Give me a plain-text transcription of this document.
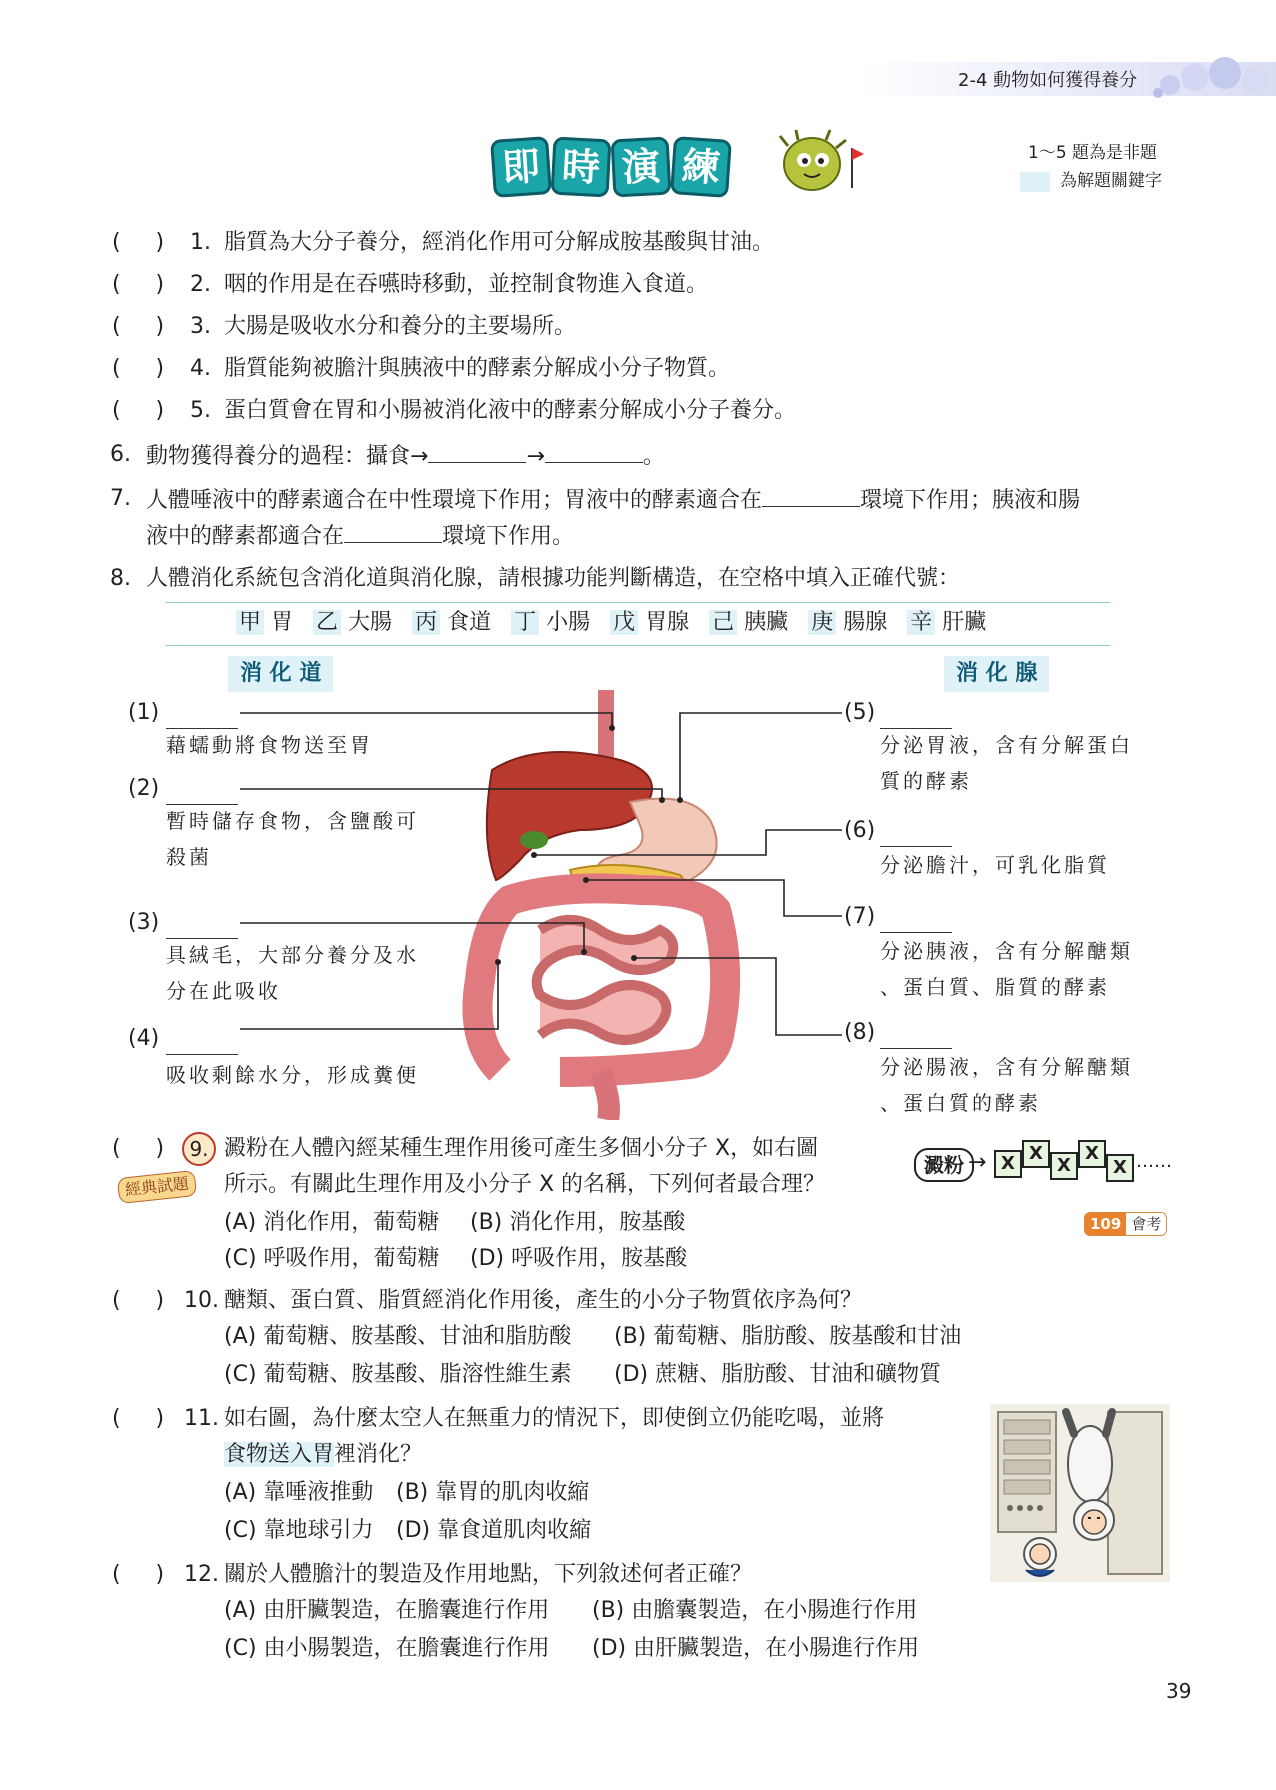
2-4 動物如何獲得養分
即 時 演 練	1～5 題為是非題
為解題關鍵字
(     ) 1. 脂質為大分子養分，經消化作用可分解成胺基酸與甘油。
(     ) 2. 咽的作用是在吞嚥時移動，並控制食物進入食道。
(     ) 3. 大腸是吸收水分和養分的主要場所。
(     ) 4. 脂質能夠被膽汁與胰液中的酵素分解成小分子物質。
(     ) 5. 蛋白質會在胃和小腸被消化液中的酵素分解成小分子養分。
6. 動物獲得養分的過程：攝食→	→	。
7. 人體唾液中的酵素適合在中性環境下作用；胃液中的酵素適合在	環境下作用；胰液和腸
液中的酵素都適合在	環境下作用。
8. 人體消化系統包含消化道與消化腺，請根據功能判斷構造，在空格中填入正確代號：
甲 胃 乙 大腸 丙 食道 丁 小腸 戊 胃腺 己 胰臟 庚 腸腺 辛 肝臟
消 化 道	消 化 腺
(1)
藉蠕動將食物送至胃
(2)
暫時儲存食物，含鹽酸可
殺菌
(3)
具絨毛，大部分養分及水
分在此吸收
(4)
吸收剩餘水分，形成糞便
(5)
分泌胃液，含有分解蛋白
質的酵素
(6)
分泌膽汁，可乳化脂質
(7)
分泌胰液，含有分解醣類
、蛋白質、脂質的酵素
(8)
分泌腸液，含有分解醣類
、蛋白質的酵素
(     )	9.
經典試題
澱粉在人體內經某種生理作用後可產生多個小分子 X，如右圖
所示。有關此生理作用及小分子 X 的名稱，下列何者最合理？
(A) 消化作用，葡萄糖 (B) 消化作用，胺基酸
(C) 呼吸作用，葡萄糖 (D) 呼吸作用，胺基酸
澱粉 → X X
X
X
X ……
109 會考
(     ) 10. 醣類、蛋白質、脂質經消化作用後，產生的小分子物質依序為何？
(A) 葡萄糖、胺基酸、甘油和脂肪酸 (B) 葡萄糖、脂肪酸、胺基酸和甘油
(C) 葡萄糖、胺基酸、脂溶性維生素 (D) 蔗糖、脂肪酸、甘油和礦物質
(     ) 11. 如右圖，為什麼太空人在無重力的情況下，即使倒立仍能吃喝，並將
食物送入胃裡消化？
(A) 靠唾液推動 (B) 靠胃的肌肉收縮
(C) 靠地球引力 (D) 靠食道肌肉收縮
(     ) 12. 關於人體膽汁的製造及作用地點，下列敘述何者正確？
(A) 由肝臟製造，在膽囊進行作用 (B) 由膽囊製造，在小腸進行作用
(C) 由小腸製造，在膽囊進行作用 (D) 由肝臟製造，在小腸進行作用
39
